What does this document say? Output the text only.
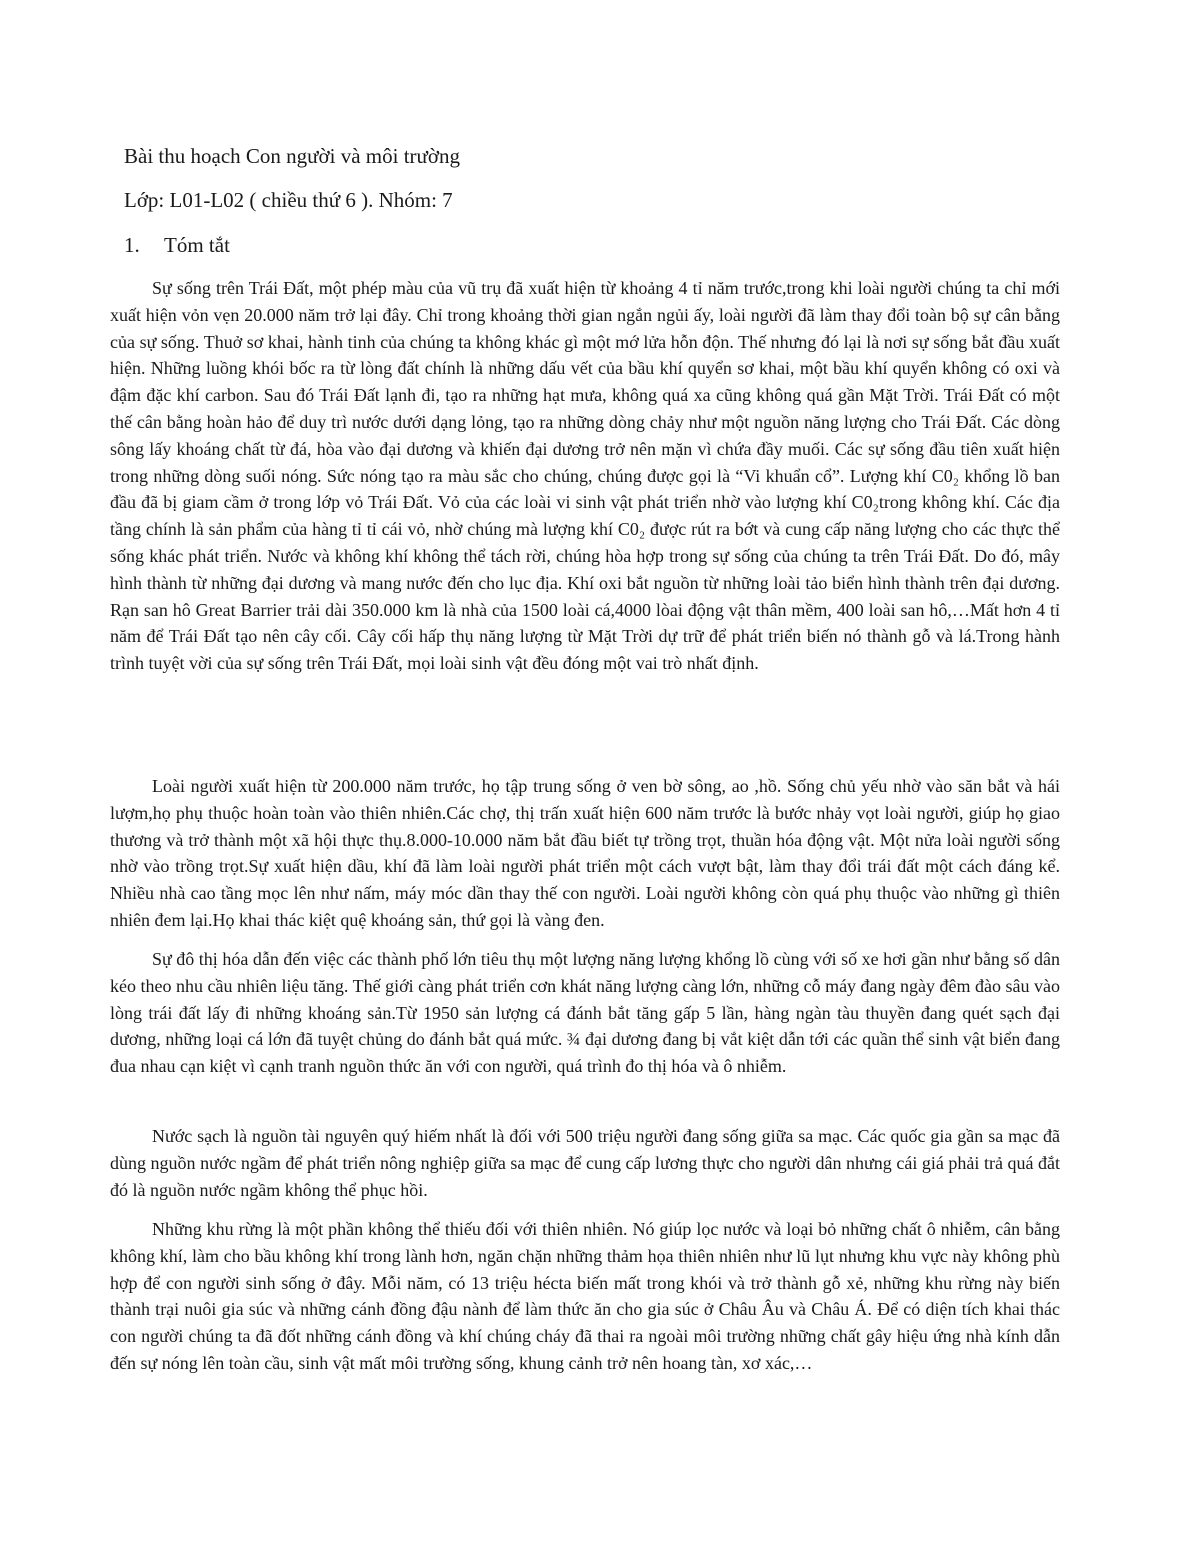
Bài thu hoạch Con người và môi trường
Lớp: L01-L02 ( chiều thứ 6 ). Nhóm: 7
1. Tóm tắt

Sự sống trên Trái Đất, một phép màu của vũ trụ đã xuất hiện từ khoảng 4 tỉ năm trước,trong khi loài người chúng ta chỉ mới xuất hiện vỏn vẹn 20.000 năm trở lại đây. Chỉ trong khoảng thời gian ngắn ngủi ấy, loài người đã làm thay đổi toàn bộ sự cân bằng của sự sống. Thuở sơ khai, hành tinh của chúng ta không khác gì một mớ lửa hỗn độn. Thế nhưng đó lại là nơi sự sống bắt đầu xuất hiện. Những luồng khói bốc ra từ lòng đất chính là những dấu vết của bầu khí quyển sơ khai, một bầu khí quyển không có oxi và đậm đặc khí carbon. Sau đó Trái Đất lạnh đi, tạo ra những hạt mưa, không quá xa cũng không quá gần Mặt Trời. Trái Đất có một thế cân bằng hoàn hảo để duy trì nước dưới dạng lỏng, tạo ra những dòng chảy như một nguồn năng lượng cho Trái Đất. Các dòng sông lấy khoáng chất từ đá, hòa vào đại dương và khiến đại dương trở nên mặn vì chứa đầy muối. Các sự sống đầu tiên xuất hiện trong những dòng suối nóng. Sức nóng tạo ra màu sắc cho chúng, chúng được gọi là “Vi khuẩn cổ”. Lượng khí C0₂ khổng lồ ban đầu đã bị giam cầm ở trong lớp vỏ Trái Đất. Vỏ của các loài vi sinh vật phát triển nhờ vào lượng khí C0₂trong không khí. Các địa tầng chính là sản phẩm của hàng tỉ tỉ cái vỏ, nhờ chúng mà lượng khí C0₂ được rút ra bớt và cung cấp năng lượng cho các thực thể sống khác phát triển. Nước và không khí không thể tách rời, chúng hòa hợp trong sự sống của chúng ta trên Trái Đất. Do đó, mây hình thành từ những đại dương và mang nước đến cho lục địa. Khí oxi bắt nguồn từ những loài tảo biển hình thành trên đại dương. Rạn san hô Great Barrier trải dài 350.000 km là nhà của 1500 loài cá,4000 lòai động vật thân mềm, 400 loài san hô,…Mất hơn 4 tỉ năm để Trái Đất tạo nên cây cối. Cây cối hấp thụ năng lượng từ Mặt Trời dự trữ để phát triển biến nó thành gỗ và lá.Trong hành trình tuyệt vời của sự sống trên Trái Đất, mọi loài sinh vật đều đóng một vai trò nhất định.

Loài người xuất hiện từ 200.000 năm trước, họ tập trung sống ở ven bờ sông, ao ,hồ. Sống chủ yếu nhờ vào săn bắt và hái lượm,họ phụ thuộc hoàn toàn vào thiên nhiên.Các chợ, thị trấn xuất hiện 600 năm trước là bước nhảy vọt loài người, giúp họ giao thương và trở thành một xã hội thực thụ.8.000-10.000 năm bắt đầu biết tự trồng trọt, thuần hóa động vật. Một nửa loài người sống nhờ vào trồng trọt.Sự xuất hiện dầu, khí đã làm loài người phát triển một cách vượt bật, làm thay đổi trái đất một cách đáng kể. Nhiều nhà cao tầng mọc lên như nấm, máy móc dần thay thế con người. Loài người không còn quá phụ thuộc vào những gì thiên nhiên đem lại.Họ khai thác kiệt quệ khoáng sản, thứ gọi là vàng đen.

Sự đô thị hóa dẫn đến việc các thành phố lớn tiêu thụ một lượng năng lượng khổng lồ cùng với số xe hơi gần như bằng số dân kéo theo nhu cầu nhiên liệu tăng. Thế giới càng phát triển cơn khát năng lượng càng lớn, những cỗ máy đang ngày đêm đào sâu vào lòng trái đất lấy đi những khoáng sản.Từ 1950 sản lượng cá đánh bắt tăng gấp 5 lần, hàng ngàn tàu thuyền đang quét sạch đại dương, những loại cá lớn đã tuyệt chủng do đánh bắt quá mức. ¾ đại dương đang bị vắt kiệt dẫn tới các quần thể sinh vật biển đang đua nhau cạn kiệt vì cạnh tranh nguồn thức ăn với con người, quá trình đo thị hóa và ô nhiễm.

Nước sạch là nguồn tài nguyên quý hiếm nhất là đối với 500 triệu người đang sống giữa sa mạc. Các quốc gia gần sa mạc đã dùng nguồn nước ngầm để phát triển nông nghiệp giữa sa mạc để cung cấp lương thực cho người dân nhưng cái giá phải trả quá đắt đó là nguồn nước ngầm không thể phục hồi.

Những khu rừng là một phần không thể thiếu đối với thiên nhiên. Nó giúp lọc nước và loại bỏ những chất ô nhiễm, cân bằng không khí, làm cho bầu không khí trong lành hơn, ngăn chặn những thảm họa thiên nhiên như lũ lụt nhưng khu vực này không phù hợp để con người sinh sống ở đây. Mỗi năm, có 13 triệu hécta biến mất trong khói và trở thành gỗ xẻ, những khu rừng này biến thành trại nuôi gia súc và những cánh đồng đậu nành để làm thức ăn cho gia súc ở Châu Âu và Châu Á. Để có diện tích khai thác con người chúng ta đã đốt những cánh đồng và khí chúng cháy đã thai ra ngoài môi trường những chất gây hiệu ứng nhà kính dẫn đến sự nóng lên toàn cầu, sinh vật mất môi trường sống, khung cảnh trở nên hoang tàn, xơ xác,…
